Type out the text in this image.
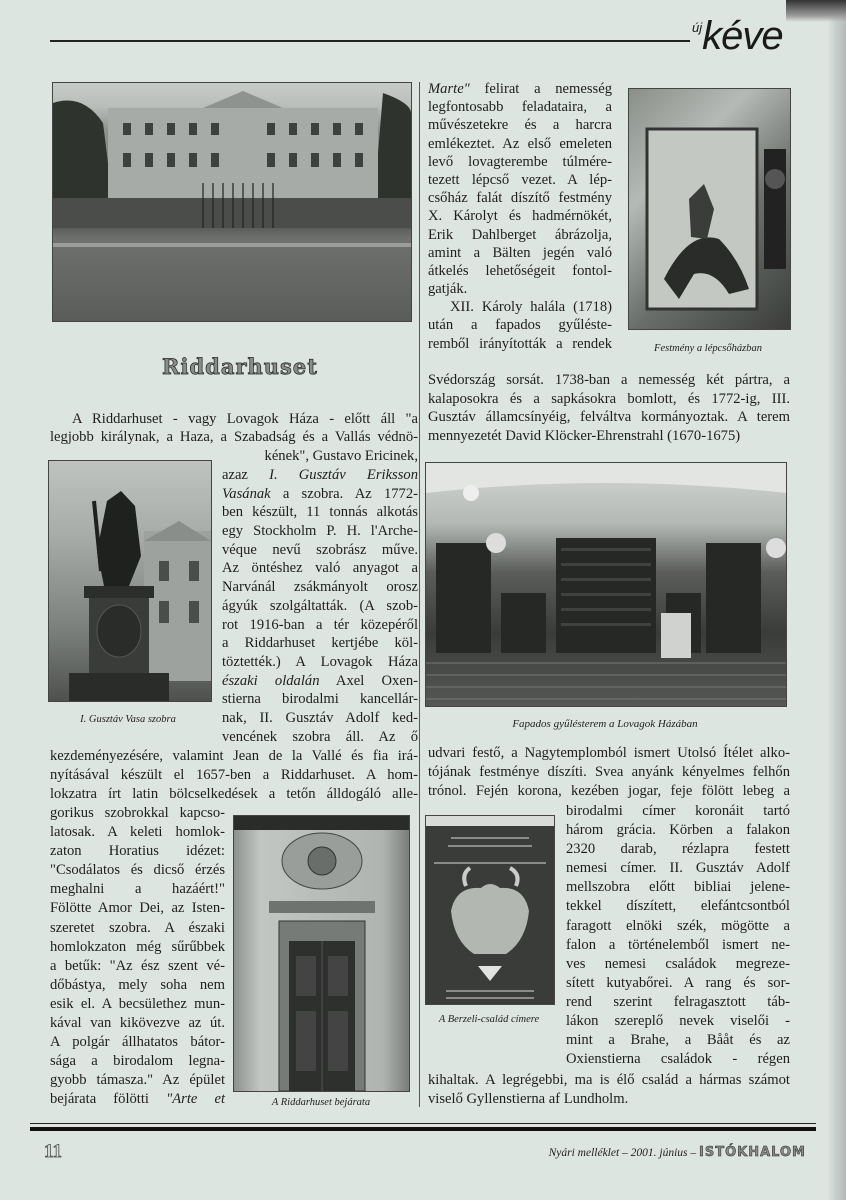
$^{új}$kéve
Marte" felirat a nemesség
legfontosabb feladataira, a
művészetekre és a harcra
emlékeztet. Az első emeleten
levő lovagterembe túlmére-
tezett lépcső vezet. A lép-
csőház falát díszítő festmény
X. Károlyt és hadmérnökét,
Erik Dahlberget ábrázolja,
amint a Bälten jegén való
átkelés lehetőségeit fontol-
gatják.
XII. Károly halála (1718)
után a fapados gyűléste-
remből irányították a rendek	Festmény a lépcsőházban
Svédország sorsát. 1738-ban a nemesség két pártra, a
kalaposokra és a sapkásokra bomlott, és 1772-ig, III.
Gusztáv államcsínyéig, felváltva kormányoztak. A terem
mennyezetét David Klöcker-Ehrenstrahl (1670-1675)
Riddarhuset
A Riddarhuset - vagy Lovagok Háza - előtt áll "a
legjobb királynak, a Haza, a Szabadság és a Vallás védnö-
kének", Gustavo Ericinek,
I. Gusztáv Vasa szobra
azaz I. Gusztáv Eriksson
Vasának a szobra. Az 1772-
ben készült, 11 tonnás alkotás
egy Stockholm P. H. l'Arche-
véque nevű szobrász műve.
Az öntéshez való anyagot a
Narvánál zsákmányolt orosz
ágyúk szolgáltatták. (A szob-
rot 1916-ban a tér közepéről
a Riddarhuset kertjébe köl-
töztették.) A Lovagok Háza
északi oldalán Axel Oxen-
stierna birodalmi kancellár-
nak, II. Gusztáv Adolf ked-
vencének szobra áll. Az ő
kezdeményezésére, valamint Jean de la Vallé és fia irá-
nyításával készült el 1657-ben a Riddarhuset. A hom-
lokzatra írt latin bölcselkedések a tetőn álldogáló alle-
gorikus szobrokkal kapcso-
latosak. A keleti homlok-
zaton Horatius idézet:
"Csodálatos és dicső érzés
meghalni a hazáért!"
Fölötte Amor Dei, az Isten-
szeretet szobra. A északi
homlokzaton még sűrűbbek
a betűk: "Az ész szent vé-
dőbástya, mely soha nem
esik el. A becsülethez mun-
kával van kikövezve az út.
A polgár állhatatos bátor-
sága a birodalom legna-
gyobb támasza." Az épület
bejárata fölötti "Arte et	A Riddarhuset bejárata
Fapados gyűlésterem a Lovagok Házában
udvari festő, a Nagytemplomból ismert Utolsó Ítélet alko-
tójának festménye díszíti. Svea anyánk kényelmes felhőn
trónol. Fején korona, kezében jogar, feje fölött lebeg a
A Berzeli-család címere
birodalmi címer koronáit tartó
három grácia. Körben a falakon
2320 darab, rézlapra festett
nemesi címer. II. Gusztáv Adolf
mellszobra előtt bibliai jelene-
tekkel díszített, elefántcsontból
faragott elnöki szék, mögötte a
falon a történelemből ismert ne-
ves nemesi családok megreze-
sített kutyabőrei. A rang és sor-
rend szerint felragasztott táb-
lákon szereplő nevek viselői -
mint a Brahe, a Bååt és az
Oxienstierna családok - régen
kihaltak. A legrégebbi, ma is élő család a hármas számot
viselő Gyllenstierna af Lundholm.
11	Nyári melléklet – 2001. június – ISTÓKHALOM
